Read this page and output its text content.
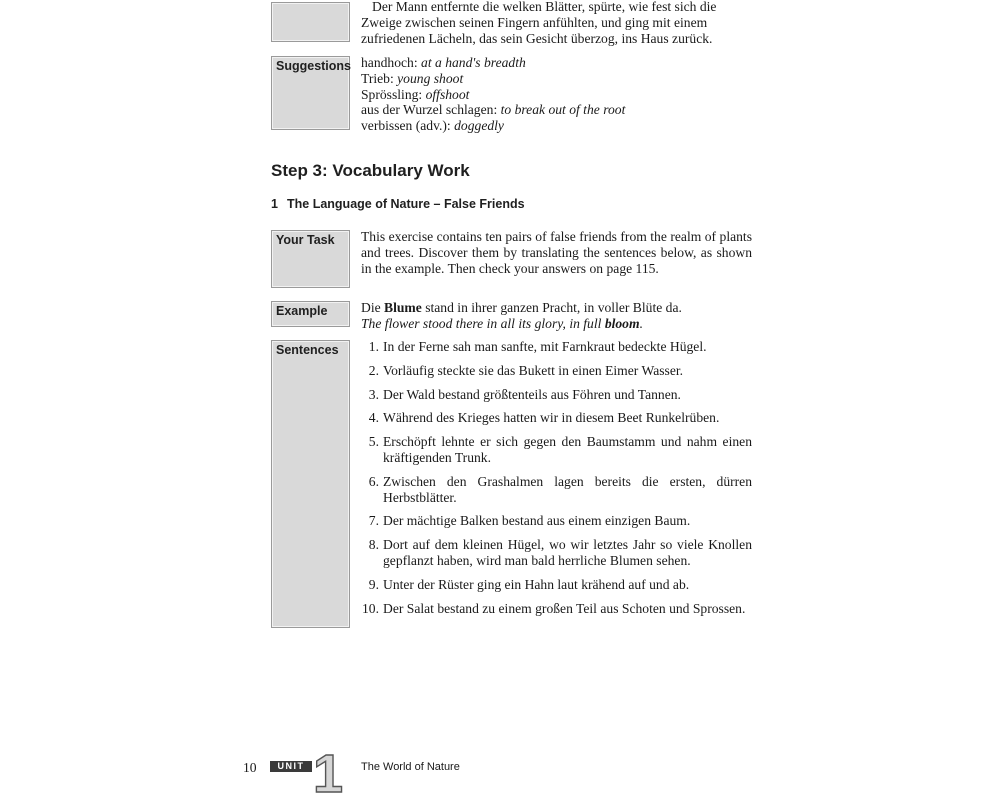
Der Mann entfernte die welken Blätter, spürte, wie fest sich die
Zweige zwischen seinen Fingern anfühlten, und ging mit einem
zufriedenen Lächeln, das sein Gesicht überzog, ins Haus zurück.
Suggestions handhoch: at a hand's breadth
Trieb: young shoot
Sprössling: offshoot
aus der Wurzel schlagen: to break out of the root
verbissen (adv.): doggedly
Step 3: Vocabulary Work
1 The Language of Nature – False Friends
Your Task This exercise contains ten pairs of false friends from the realm of plants and trees. Discover them by translating the sentences below, as shown in the example. Then check your answers on page 115.
Example Die Blume stand in ihrer ganzen Pracht, in voller Blüte da.
The flower stood there in all its glory, in full bloom.
Sentences	1 . In der Ferne sah man sanfte, mit Farnkraut bedeckte Hügel.
2 . Vorläufig steckte sie das Bukett in einen Eimer Wasser.
3 . Der Wald bestand größtenteils aus Föhren und Tannen.
4 . Während des Krieges hatten wir in diesem Beet Runkelrüben.
5 . Erschöpft lehnte er sich gegen den Baumstamm und nahm einen kräftigenden Trunk.
6 . Zwischen den Grashalmen lagen bereits die ersten, dürren Herbstblätter.
7 . Der mächtige Balken bestand aus einem einzigen Baum.
8 . Dort auf dem kleinen Hügel, wo wir letztes Jahr so viele Knollen gepflanzt haben, wird man bald herrliche Blumen sehen.
9 . Unter der Rüster ging ein Hahn laut krähend auf und ab.
10 . Der Salat bestand zu einem großen Teil aus Schoten und Sprossen.
10	UNIT 1 The World of Nature
